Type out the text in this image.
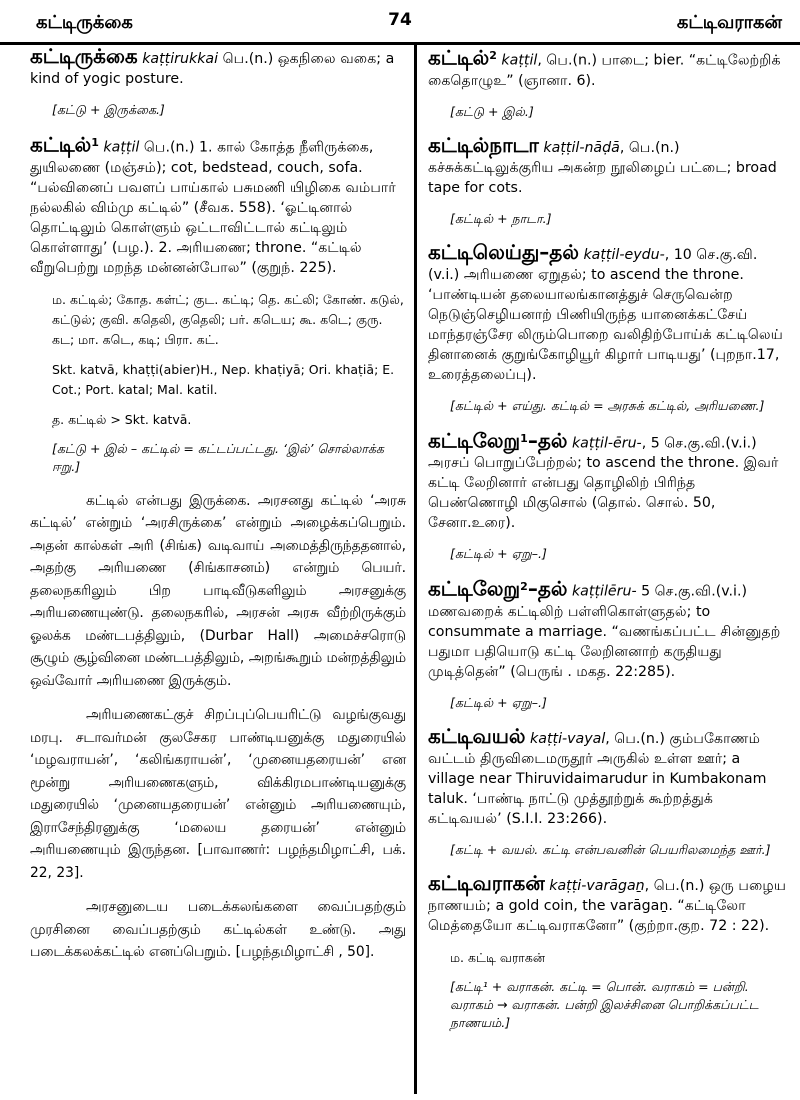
கட்டிருக்கை	74	கட்டிவராகன்
கட்டிருக்கை kaṭṭirukkai பெ.(n.) ஒகநிலை வகை; a kind of yogic posture.
[கட்டு + இருக்கை.]
கட்டில்$^1$ kaṭṭil பெ.(n.) 1. கால் கோத்த நீளிருக்கை, துயிலணை (மஞ்சம்); cot, bedstead, couch, sofa. “பல்வினைப் பவளப் பாய்கால் பசுமணி யிழிகை வம்பார் நல்லகில் விம்மு கட்டில்” (சீவக. 558). ‘ஓட்டினால் தொட்டிலும் கொள்ளும் ஒட்டாவிட்டால் கட்டிலும் கொள்ளாது’ (பழ.). 2. அரியணை; throne. “கட்டில் வீறுபெற்று மறந்த மன்னன்போல” (குறுந். 225).
ம. கட்டில்; கோத. கள்ட்; குட. கட்டி; தெ. கட்லி; கோண். கடுல், கட்டுல்; குவி. கதெலி, குதெலி; பர். கடெய; கூ. கடெ; குரு. கட; மா. கடெ, கடி; பிரா. கட்.
Skt. katvā, khaṭṭi(abier)H., Nep. khaṭiyā; Ori. khaṭiā; E. Cot.; Port. katal; Mal. katil.
த. கட்டில் > Skt. katvā.
[கட்டு + இல் – கட்டில் = கட்டப்பட்டது. ‘இல்’ சொல்லாக்க ஈறு.]
கட்டில் என்பது இருக்கை. அரசனது கட்டில் ‘அரசு கட்டில்’ என்றும் ‘அரசிருக்கை’ என்றும் அழைக்கப்பெறும். அதன் கால்கள் அரி (சிங்க) வடிவாய் அமைத்திருந்ததனால், அதற்கு அரியணை (சிங்காசனம்) என்றும் பெயர். தலைநகரிலும் பிற பாடிவீடுகளிலும் அரசனுக்கு அரியணையுண்டு. தலைநகரில், அரசன் அரசு வீற்றிருக்கும் ஓலக்க மண்டபத்திலும், (Durbar Hall) அமைச்சரொடு சூழும் சூழ்வினை மண்டபத்திலும், அறங்கூறும் மன்றத்திலும் ஒவ்வோர் அரியணை இருக்கும்.
அரியணைகட்குச் சிறப்புப்பெயரிட்டு வழங்குவது மரபு. சடாவர்மன் குலசேகர பாண்டியனுக்கு மதுரையில் ‘மழவராயன்’, ‘கலிங்கராயன்’, ‘முனையதரையன்’ என மூன்று அரியணைகளும், விக்கிரமபாண்டியனுக்கு மதுரையில் ‘முனையதரையன்’ என்னும் அரியணையும், இராசேந்திரனுக்கு ‘மலைய தரையன்’ என்னும் அரியணையும் இருந்தன. [பாவாணர்: பழந்தமிழாட்சி, பக். 22, 23].
அரசனுடைய படைக்கலங்களை வைப்பதற்கும் முரசினை வைப்பதற்கும் கட்டில்கள் உண்டு. அது படைக்கலக்கட்டில் எனப்பெறும். [பழந்தமிழாட்சி , 50].
கட்டில்$^2$ kaṭṭil, பெ.(n.) பாடை; bier. “கட்டிலேற்றிக் கைதொழுஉ” (ஞானா. 6).
[கட்டு + இல்.]
கட்டில்நாடா kaṭṭil-nāḍā, பெ.(n.) கச்சுக்கட்டிலுக்குரிய அகன்ற நூலிழைப் பட்டை; broad tape for cots.
[கட்டில் + நாடா.]
கட்டிலெய்து–தல் kaṭṭil-eydu-, 10 செ.கு.வி.(v.i.) அரியணை ஏறுதல்; to ascend the throne. ‘பாண்டியன் தலையாலங்கானத்துச் செருவென்ற நெடுஞ்செழியனாற் பிணியிருந்த யானைக்கட்சேய் மாந்தரஞ்சேர லிரும்பொறை வலிதிற்போய்க் கட்டிலெய் தினானைக் குறுங்கோழியூர் கிழார் பாடியது’ (புறநா.17, உரைத்தலைப்பு).
[கட்டில் + எய்து. கட்டில் = அரசுக் கட்டில், அரியணை.]
கட்டிலேறு$^1$–தல் kaṭṭil-ēru-, 5 செ.கு.வி.(v.i.) அரசப் பொறுப்பேற்றல்; to ascend the throne. இவர் கட்டி லேறினார் என்பது தொழிலிற் பிரிந்த பெண்ணொழி மிகுசொல் (தொல். சொல். 50, சேனா.உரை).
[கட்டில் + ஏறு–.]
கட்டிலேறு$^2$–தல் kaṭṭilēru- 5 செ.கு.வி.(v.i.) மணவறைக் கட்டிலிற் பள்ளிகொள்ளுதல்; to consummate a marriage. “வணங்கப்பட்ட சின்னுதற் பதுமா பதியொடு கட்டி லேறினனாற் கருதியது முடித்தென்” (பெருங் . மகத. 22:285).
[கட்டில் + ஏறு–.]
கட்டிவயல் kaṭṭi-vayal, பெ.(n.) கும்பகோணம் வட்டம் திருவிடைமருதூர் அருகில் உள்ள ஊர்; a village near Thiruvidaimarudur in Kumbakonam taluk. ‘பாண்டி நாட்டு முத்தூற்றுக் கூற்றத்துக் கட்டிவயல்’ (S.I.I. 23:266).
[கட்டி + வயல். கட்டி என்பவனின் பெயரிலமைந்த ஊர்.]
கட்டிவராகன் kaṭṭi-varāgaṉ, பெ.(n.) ஒரு பழைய நாணயம்; a gold coin, the varāgaṉ. “கட்டிலோ மெத்தையோ கட்டிவராகனோ” (குற்றா.குற. 72 : 22).
ம. கட்டி வராகன்
[கட்டி¹ + வராகன். கட்டி = பொன். வராகம் = பன்றி. வராகம் → வராகன். பன்றி இலச்சினை பொறிக்கப்பட்ட நாணயம்.]
